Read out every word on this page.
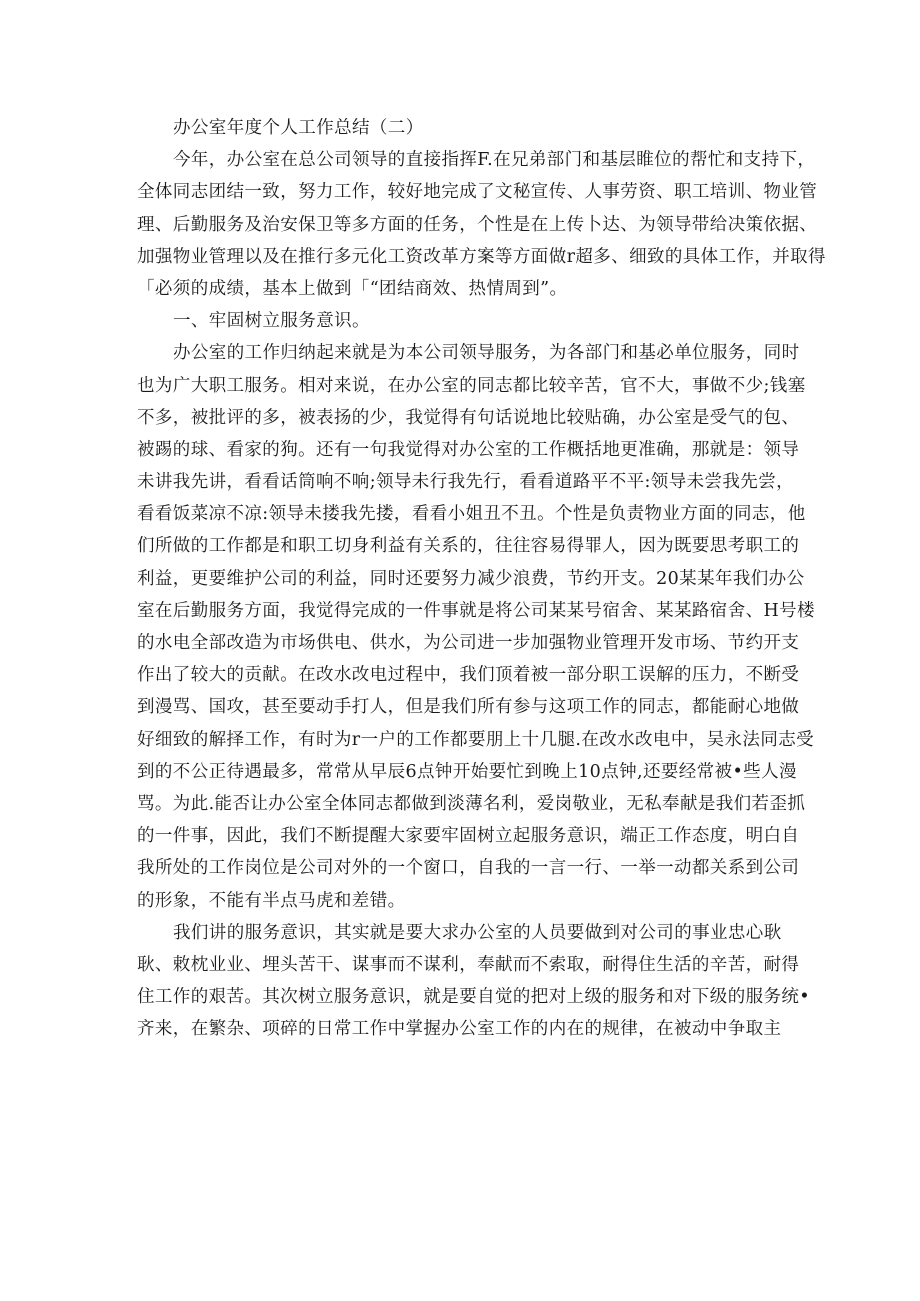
办公室年度个人工作总结（二）
今年，办公室在总公司领导的直接指挥F.在兄弟部门和基层睢位的帮忙和支持下，
全体同志团结一致，努力工作，较好地完成了文秘宣传、人事劳资、职工培训、物业管
理、后勤服务及治安保卫等多方面的任务，个性是在上传卜达、为领导带给决策依据、
加强物业管理以及在推行多元化工资改革方案等方面做r超多、细致的具体工作，并取得
「必须的成绩，基本上做到「“团结商效、热情周到”。
一、牢固树立服务意识。
办公室的工作归纳起来就是为本公司领导服务，为各部门和基必单位服务，同时
也为广大职工服务。相对来说，在办公室的同志都比较辛苦，官不大，事做不少;钱塞
不多，被批评的多，被表扬的少，我觉得有句话说地比较贴确，办公室是受气的包、
被踢的球、看家的狗。还有一句我觉得对办公室的工作概括地更准确，那就是：领导
未讲我先讲，看看话筒响不响;领导未行我先行，看看道路平不平:领导未尝我先尝，
看看饭菜凉不凉:领导未搂我先搂，看看小姐丑不丑。个性是负责物业方面的同志，他
们所做的工作都是和职工切身利益有关系的，往往容易得罪人，因为既要思考职工的
利益，更要维护公司的利益，同时还要努力减少浪费，节约开支。20某某年我们办公
室在后勤服务方面，我觉得完成的一件事就是将公司某某号宿舍、某某路宿舍、H号楼
的水电全部改造为市场供电、供水，为公司进一步加强物业管理开发市场、节约开支
作出了较大的贡献。在改水改电过程中，我们顶着被一部分职工误解的压力，不断受
到漫骂、国攻，甚至要动手打人，但是我们所有参与这项工作的同志，都能耐心地做
好细致的解择工作，有时为r一户的工作都要朋上十几腿.在改水改电中，吴永法同志受
到的不公正待遇最多，常常从早辰6点钟开始要忙到晚上10点钟,还要经常被•些人漫
骂。为此.能否让办公室全体同志都做到淡薄名利，爱岗敬业，无私奉献是我们若歪抓
的一件事，因此，我们不断提醒大家要牢固树立起服务意识，端正工作态度，明白自
我所处的工作岗位是公司对外的一个窗口，自我的一言一行、一举一动都关系到公司
的形象，不能有半点马虎和差错。
我们讲的服务意识，其实就是要大求办公室的人员要做到对公司的事业忠心耿
耿、敕枕业业、埋头苦干、谋事而不谋利，奉献而不索取，耐得住生活的辛苦，耐得
住工作的艰苦。其次树立服务意识，就是要自觉的把对上级的服务和对下级的服务统•
齐来，在繁杂、项碎的日常工作中掌握办公室工作的内在的规律，在被动中争取主
